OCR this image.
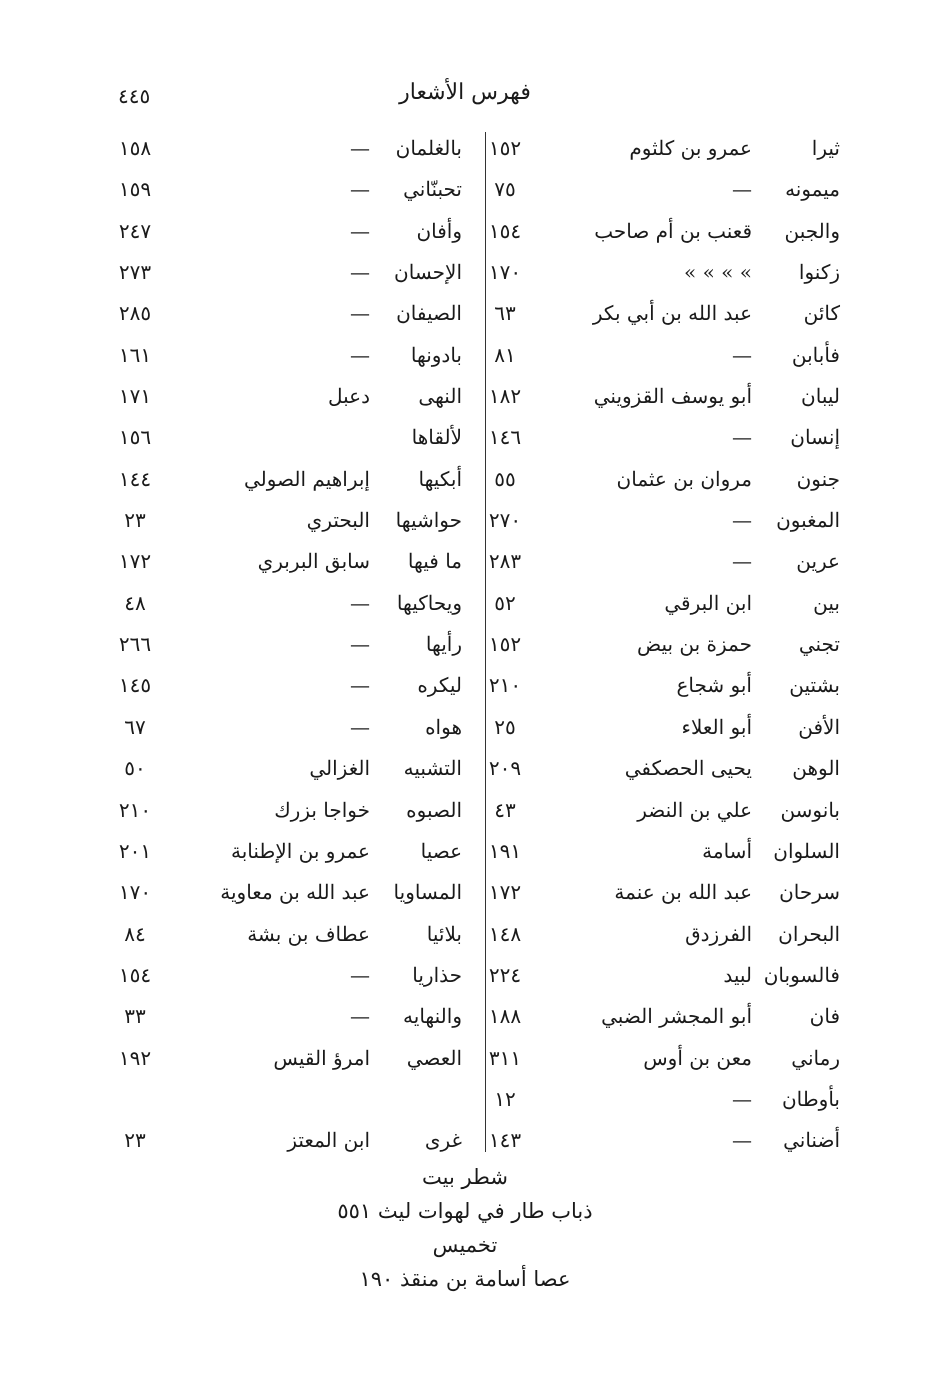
٤٤٥	فهرس الأشعار
ثيرا
عمرو بن كلثوم
١٥٢
بالغلمان
—
١٥٨
ميمونه
—
٧٥
تحبنّاني
—
١٥٩
والجبن
قعنب بن أم صاحب
١٥٤
وأفان
—
٢٤٧
زكنوا
» » » »
١٧٠
الإحسان
—
٢٧٣
كائن
عبد الله بن أبي بكر
٦٣
الصيفان
—
٢٨٥
فأبابن
—
٨١
بادونها
—
١٦١
ليبان
أبو يوسف القزويني
١٨٢
النهى
دعبل
١٧١
إنسان
—
١٤٦
لألقاها
١٥٦
جنون
مروان بن عثمان
٥٥
أبكيها
إبراهيم الصولي
١٤٤
المغبون
—
٢٧٠
حواشيها
البحتري
٢٣
عرين
—
٢٨٣
ما فيها
سابق البربري
١٧٢
بين
ابن البرقي
٥٢
ويحاكيها
—
٤٨
تجني
حمزة بن بيض
١٥٢
رأيها
—
٢٦٦
بشتين
أبو شجاع
٢١٠
ليكره
—
١٤٥
الأفن
أبو العلاء
٢٥
هواه
—
٦٧
الوهن
يحيى الحصكفي
٢٠٩
التشبيه
الغزالي
٥٠
بانوسن
علي بن النضر
٤٣
الصبوه
خواجا بزرك
٢١٠
السلوان
أسامة
١٩١
عصيا
عمرو بن الإطنابة
٢٠١
سرحان
عبد الله بن عنمة
١٧٢
المساويا
عبد الله بن معاوية
١٧٠
البحران
الفرزدق
١٤٨
بلائيا
عطاف بن بشة
٨٤
فالسوبان
لبيد
٢٢٤
حذاريا
—
١٥٤
فان
أبو المجشر الضبي
١٨٨
والنهايه
—
٣٣
رماني
معن بن أوس
٣١١
العصي
امرؤ القيس
١٩٢
بأوطان
—
١٢
أضناني
—
١٤٣
غرى
ابن المعتز
٢٣
شطر بيت
ذباب طار في لهوات ليث ٥٥١
تخميس
عصا أسامة بن منقذ ١٩٠
